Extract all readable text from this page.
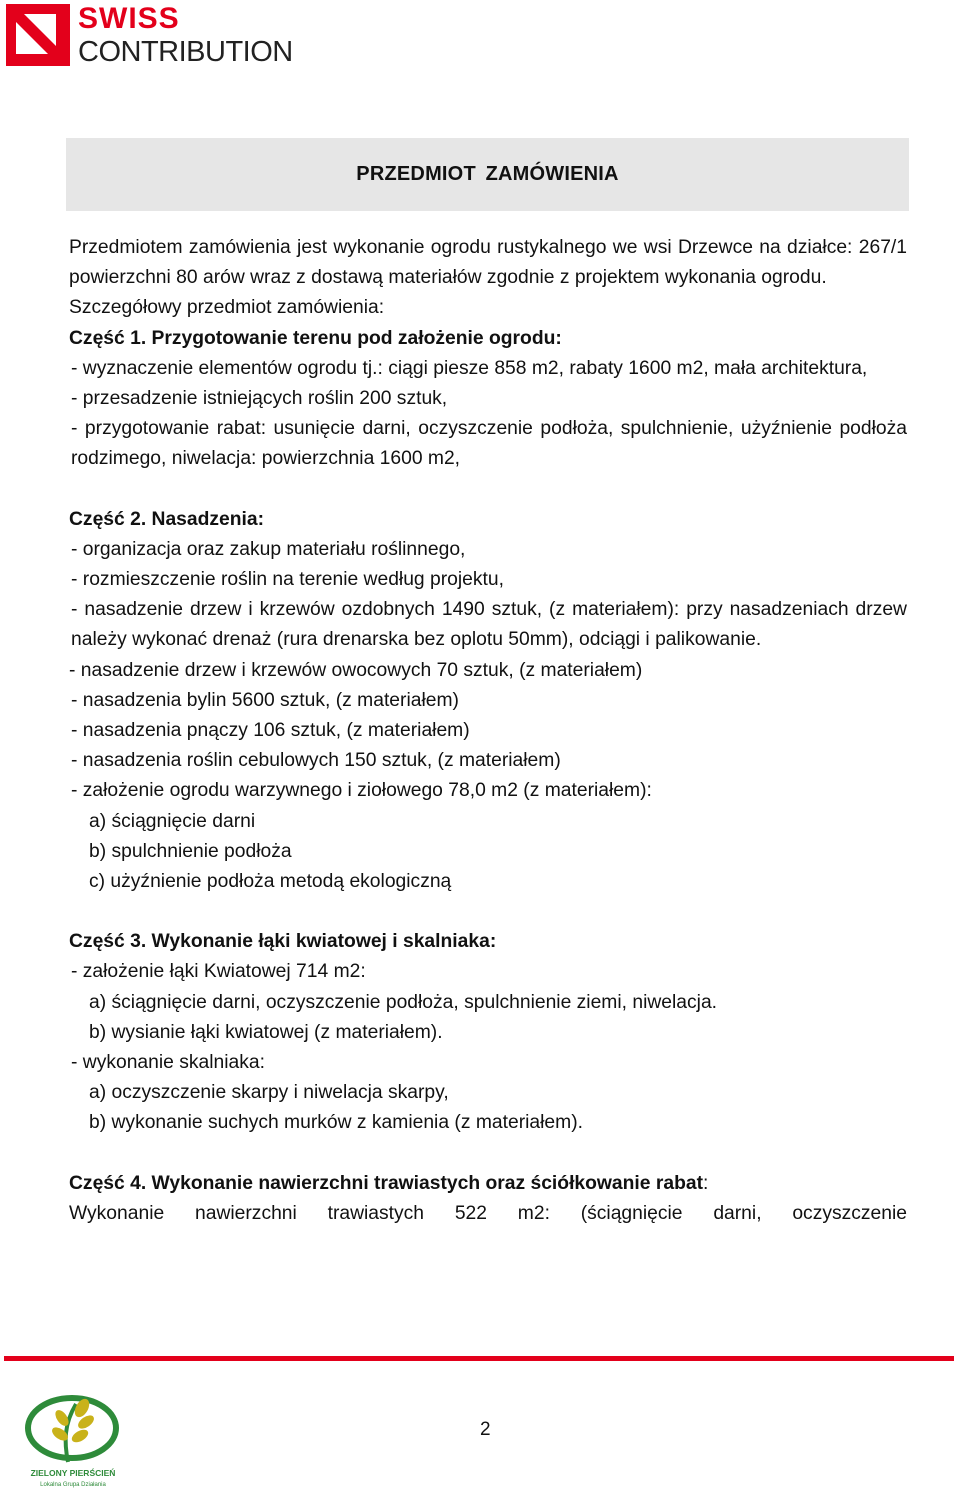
SWISS
CONTRIBUTION
PRZEDMIOT ZAMÓWIENIA

Przedmiotem zamówienia jest wykonanie ogrodu rustykalnego we wsi Drzewce na działce: 267/1 powierzchni 80 arów wraz z dostawą materiałów zgodnie z projektem wykonania ogrodu.

Szczegółowy przedmiot zamówienia:

Część 1. Przygotowanie terenu pod założenie ogrodu:

- wyznaczenie elementów ogrodu tj.: ciągi piesze 858 m2, rabaty 1600 m2, mała architektura,

- przesadzenie istniejących roślin 200 sztuk,

- przygotowanie rabat: usunięcie darni, oczyszczenie podłoża, spulchnienie, użyźnienie podłoża rodzimego, niwelacja: powierzchnia 1600 m2,

Część 2. Nasadzenia:

- organizacja oraz zakup materiału roślinnego,

- rozmieszczenie roślin na terenie według projektu,

- nasadzenie drzew i krzewów ozdobnych 1490 sztuk, (z materiałem): przy nasadzeniach drzew należy wykonać drenaż (rura drenarska bez oplotu 50mm), odciągi i palikowanie.

- nasadzenie drzew i krzewów owocowych 70 sztuk, (z materiałem)

- nasadzenia bylin 5600 sztuk, (z materiałem)

- nasadzenia pnączy 106 sztuk, (z materiałem)

- nasadzenia roślin cebulowych 150 sztuk, (z materiałem)

- założenie ogrodu warzywnego i ziołowego 78,0 m2 (z materiałem):

a) ściągnięcie darni

b) spulchnienie podłoża

c) użyźnienie podłoża metodą ekologiczną

Część 3. Wykonanie łąki kwiatowej i skalniaka:

- założenie łąki Kwiatowej 714 m2:

a) ściągnięcie darni, oczyszczenie podłoża, spulchnienie ziemi, niwelacja.

b) wysianie łąki kwiatowej (z materiałem).

- wykonanie skalniaka:

a) oczyszczenie skarpy i niwelacja skarpy,

b) wykonanie suchych murków z kamienia (z materiałem).

Część 4. Wykonanie nawierzchni trawiastych oraz ściółkowanie rabat:

Wykonanie nawierzchni trawiastych 522 m2: (ściągnięcie darni, oczyszczenie

ZIELONY PIERŚCIEŃ
Lokalna Grupa Działania
2
